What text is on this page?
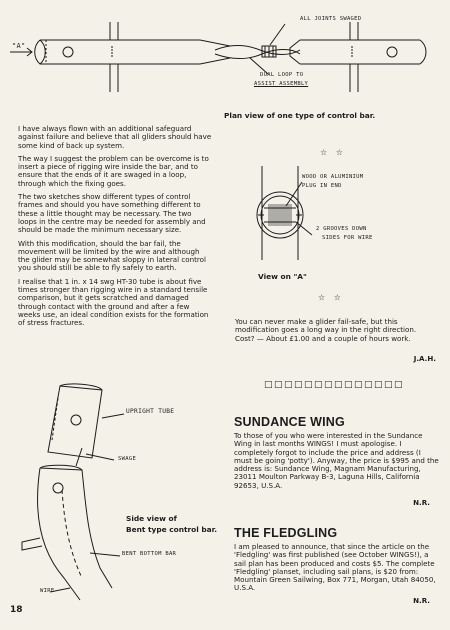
"A"
ALL JOINTS SWAGED
DUAL LOOP TO
ASSIST ASSEMBLY
Plan view of one type of control bar.

I have always flown with an additional safeguard against failure and believe that all gliders should have some kind of back up system.

The way I suggest the problem can be overcome is to insert a piece of rigging wire inside the bar, and to ensure that the ends of it are swaged in a loop, through which the fixing goes.

The two sketches show different types of control frames and should you have something different to these a little thought may be necessary. The two loops in the centre may be needed for assembly and should be made the minimum necessary size.

With this modification, should the bar fail, the movement will be limited by the wire and although the glider may be somewhat sloppy in lateral control you should still be able to fly safely to earth.

I realise that 1 in. x 14 swg HT-30 tube is about five times stronger than rigging wire in a standard tensile comparison, but it gets scratched and damaged through contact with the ground and after a few weeks use, an ideal condition exists for the formation of stress fractures.

☆ ☆
WOOD OR ALUMINIUM
PLUG IN END
2 GROOVES DOWN
SIDES FOR WIRE
View on "A"
☆ ☆
You can never make a glider fail-safe, but this modification goes a long way in the right direction. Cost? — About £1.00 and a couple of hours work.
J.A.H.
UPRIGHT TUBE
SWAGE
BENT BOTTOM BAR
WIRE
Side view of
Bent type control bar.
18
□□□□□□□□□□□□□□
SUNDANCE WING
To those of you who were interested in the Sundance Wing in last months WINGS! I must apologise. I completely forgot to include the price and address (I must be going 'potty'). Anyway, the price is $995 and the address is: Sundance Wing, Magnam Manufacturing, 23011 Moulton Parkway B-3, Laguna Hills, California 92653, U.S.A.
N.R.
THE FLEDGLING
I am pleased to announce, that since the article on the 'Fledgling' was first published (see October WINGS!), a sail plan has been produced and costs $5. The complete 'Fledgling' planset, including sail plans, is $20 from: Mountain Green Sailwing, Box 771, Morgan, Utah 84050, U.S.A.
N.R.
